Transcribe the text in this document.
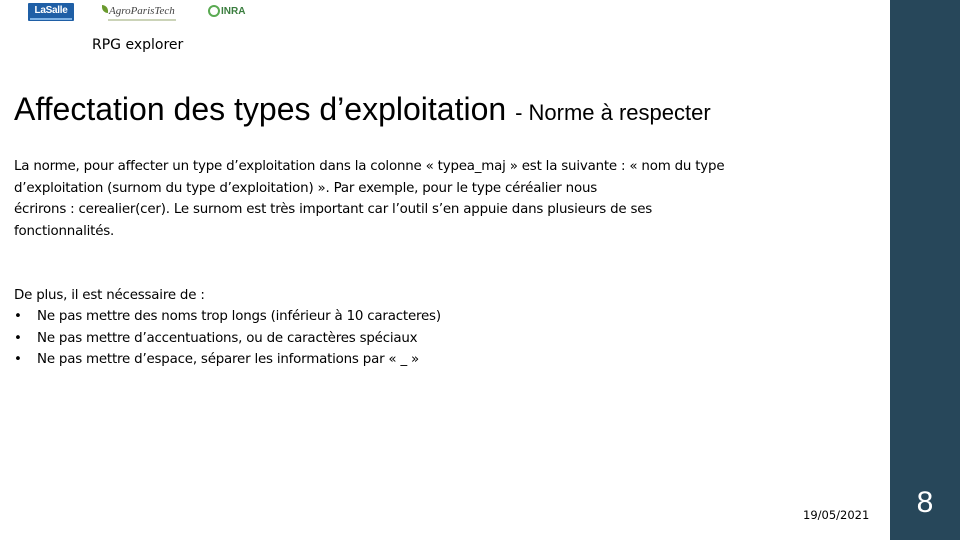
LaSalle	AgroParisTech	INRA
RPG explorer
Affectation des types d’exploitation - Norme à respecter
La norme, pour affecter un type d’exploitation dans la colonne « typea_maj » est la suivante : « nom du type
d’exploitation (surnom du type d’exploitation) ». Par exemple, pour le type céréalier nous
écrirons : cerealier(cer). Le surnom est très important car l’outil s’en appuie dans plusieurs de ses
fonctionnalités.
De plus, il est nécessaire de :
• Ne pas mettre des noms trop longs (inférieur à 10 caracteres)
• Ne pas mettre d’accentuations, ou de caractères spéciaux
• Ne pas mettre d’espace, séparer les informations par « _ »
19/05/2021	8
